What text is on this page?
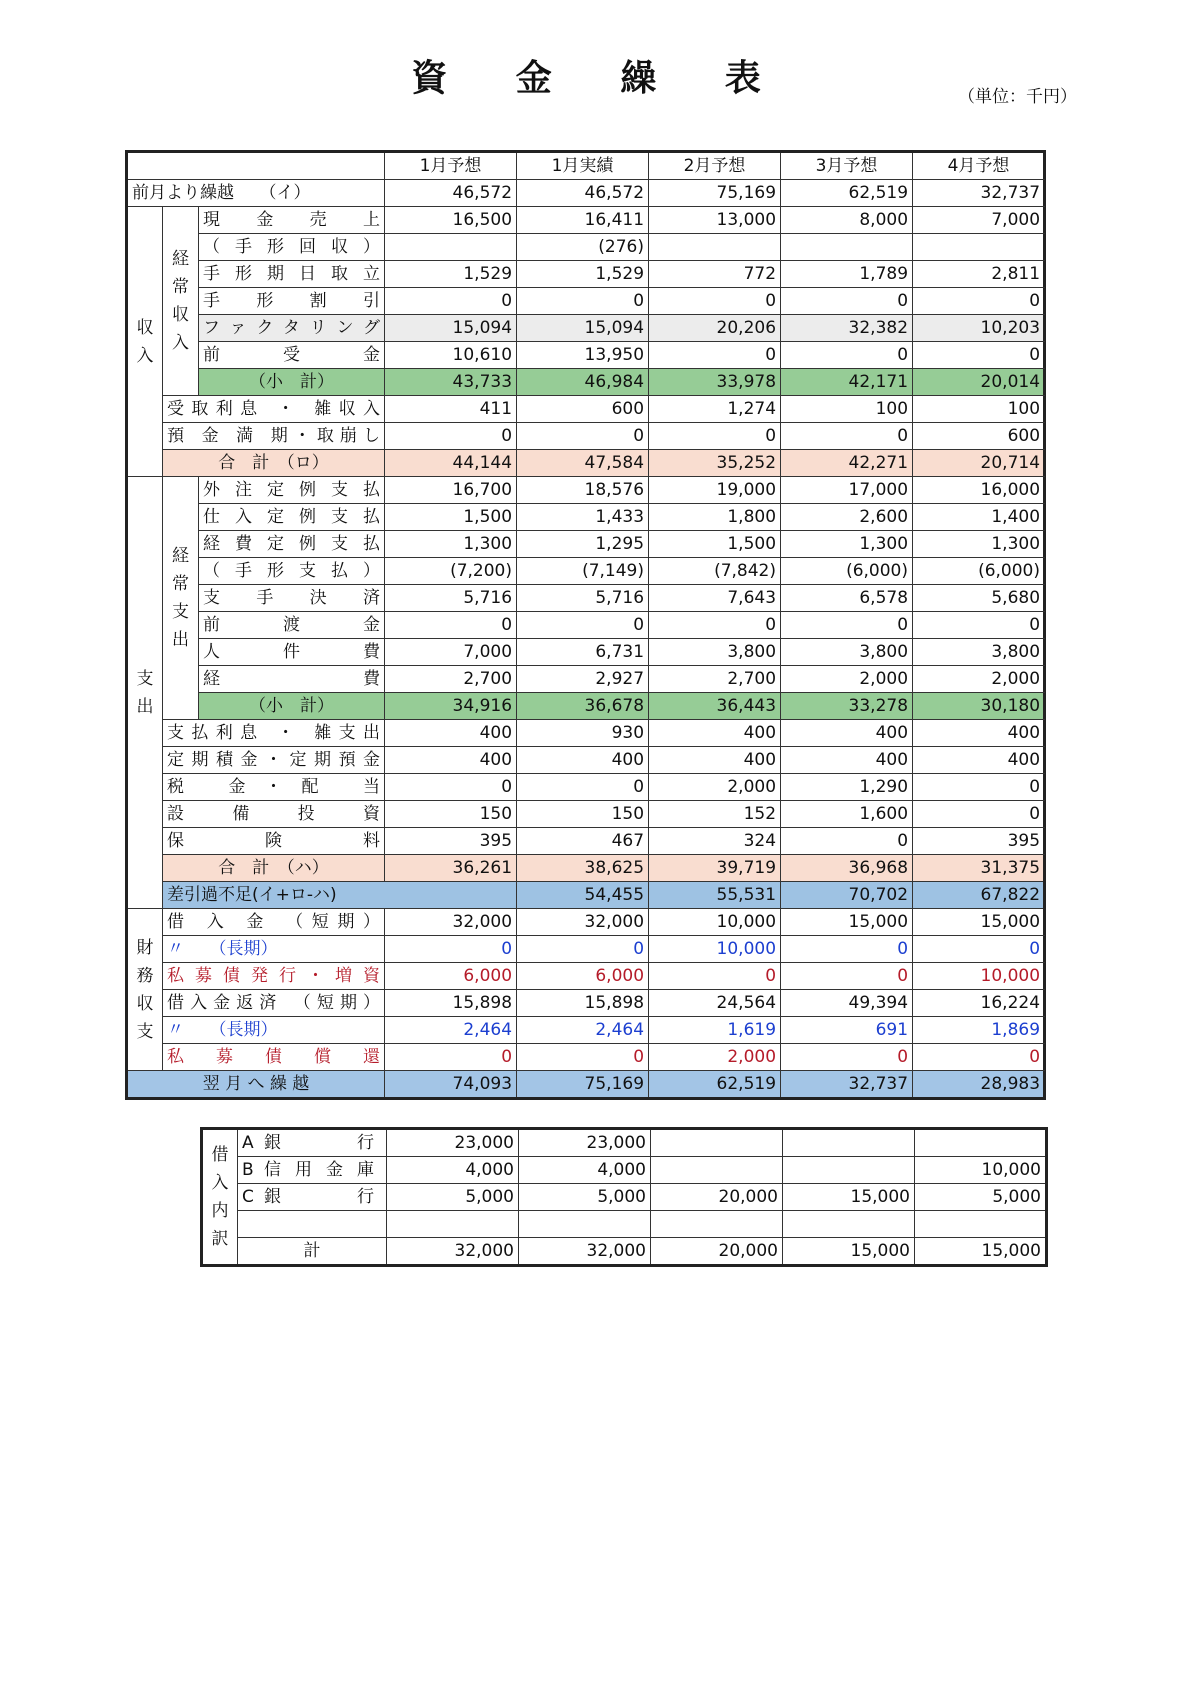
資 金 繰 表	（単位：千円）
			1月予想	1月実績	2月予想	3月予想	4月予想	
前月より繰越　　（イ）			46,572	46,572	75,169	62,519	32,737	
収
入	経
常
収
入	現 金 売 上	16,500	16,411	13,000	8,000	7,000	
		（手形回収）		(276)				
		手形期日取立	1,529	1,529	772	1,789	2,811	
		手 形 割 引	0	0	0	0	0	
		ファクタリング	15,094	15,094	20,206	32,382	10,203	
		前 受 金	10,610	13,950	0	0	0	
		（小　計）	43,733	46,984	33,978	42,171	20,014	
	受取利息 ・ 雑収入		411	600	1,274	100	100	
	預 金 満 期・取崩し		0	0	0	0	600	
	合　計　（ロ）		44,144	47,584	35,252	42,271	20,714	
支
出	経
常
支
出	外注定例支払	16,700	18,576	19,000	17,000	16,000	
		仕入定例支払	1,500	1,433	1,800	2,600	1,400	
		経費定例支払	1,300	1,295	1,500	1,300	1,300	
		（手形支払）	(7,200)	(7,149)	(7,842)	(6,000)	(6,000)	
		支 手 決 済	5,716	5,716	7,643	6,578	5,680	
		前 渡 金	0	0	0	0	0	
		人 件 費	7,000	6,731	3,800	3,800	3,800	
		経 費	2,700	2,927	2,700	2,000	2,000	
		（小　計）	34,916	36,678	36,443	33,278	30,180	
	支払利息 ・ 雑支出		400	930	400	400	400	
	定期積金・定期預金		400	400	400	400	400	
	税 金・配 当		0	0	2,000	1,290	0	
	設 備 投 資		150	150	152	1,600	0	
	保 険 料		395	467	324	0	395	
	合　計　（ハ）		36,261	38,625	39,719	36,968	31,375	
	差引過不足(イ+ロ-ハ)			54,455	55,531	70,702	67,822	
財
務
収
支	借 入 金 （短期）		32,000	32,000	10,000	15,000	15,000	
	〃　　（長期）		0	0	10,000	0	0	
	私募債発行・増資		6,000	6,000	0	0	10,000	
	借入金返済 （短期）		15,898	15,898	24,564	49,394	16,224	
	〃　　（長期）		2,464	2,464	1,619	691	1,869	
	私 募 債 償 還		0	0	2,000	0	0	
翌 月 へ 繰 越			74,093	75,169	62,519	32,737	28,983	
借
入
内
訳	A 銀 行	23,000	23,000			
	B 信用金庫	4,000	4,000			10,000
	C 銀 行	5,000	5,000	20,000	15,000	5,000

	計	32,000	32,000	20,000	15,000	15,000
